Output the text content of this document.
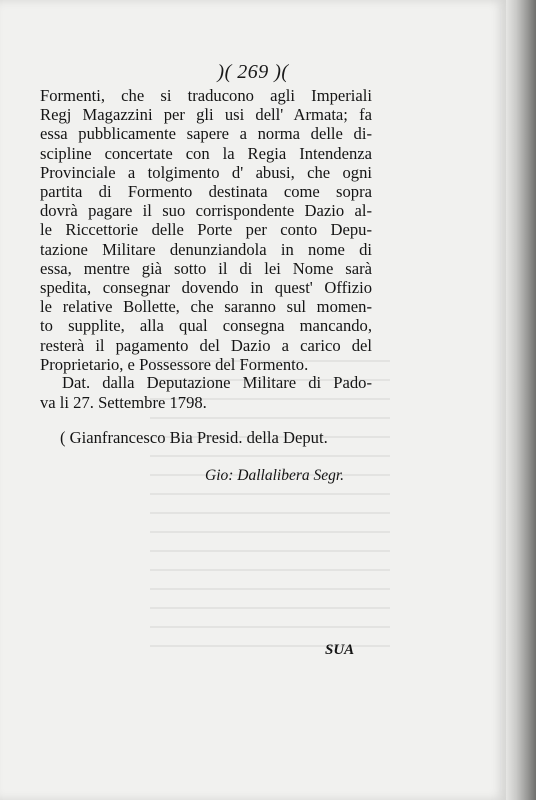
)( 269 )(
Formenti, che si traducono agli Imperiali
Regj Magazzini per gli usi dell' Armata; fa
essa pubblicamente sapere a norma delle di-
scipline concertate con la Regia Intendenza
Provinciale a tolgimento d' abusi, che ogni
partita di Formento destinata come sopra
dovrà pagare il suo corrispondente Dazio al-
le Riccettorie delle Porte per conto Depu-
tazione Militare denunziandola in nome di
essa, mentre già sotto il di lei Nome sarà
spedita, consegnar dovendo in quest' Offizio
le relative Bollette, che saranno sul momen-
to supplite, alla qual consegna mancando,
resterà il pagamento del Dazio a carico del
Proprietario, e Possessore del Formento.
Dat. dalla Deputazione Militare di Pado-
va li 27. Settembre 1798.
( Gianfrancesco Bia Presid. della Deput.
Gio: Dallalibera Segr.
SUA
